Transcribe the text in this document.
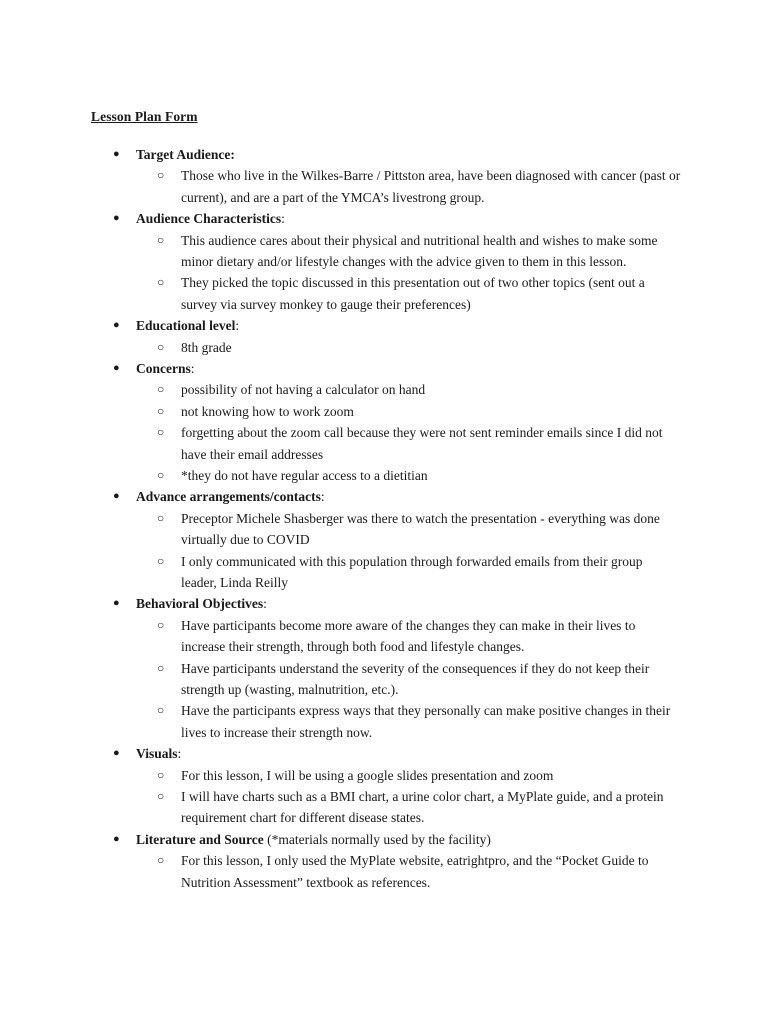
Lesson Plan Form
● Target Audience:
○ Those who live in the Wilkes-Barre / Pittston area, have been diagnosed with cancer (past or current), and are a part of the YMCA’s livestrong group.
● Audience Characteristics:
○ This audience cares about their physical and nutritional health and wishes to make some minor dietary and/or lifestyle changes with the advice given to them in this lesson.
○ They picked the topic discussed in this presentation out of two other topics (sent out a survey via survey monkey to gauge their preferences)
● Educational level:
○ 8th grade
● Concerns:
○ possibility of not having a calculator on hand
○ not knowing how to work zoom
○ forgetting about the zoom call because they were not sent reminder emails since I did not have their email addresses
○ *they do not have regular access to a dietitian
● Advance arrangements/contacts:
○ Preceptor Michele Shasberger was there to watch the presentation - everything was done virtually due to COVID
○ I only communicated with this population through forwarded emails from their group leader, Linda Reilly
● Behavioral Objectives:
○ Have participants become more aware of the changes they can make in their lives to increase their strength, through both food and lifestyle changes.
○ Have participants understand the severity of the consequences if they do not keep their strength up (wasting, malnutrition, etc.).
○ Have the participants express ways that they personally can make positive changes in their lives to increase their strength now.
● Visuals:
○ For this lesson, I will be using a google slides presentation and zoom
○ I will have charts such as a BMI chart, a urine color chart, a MyPlate guide, and a protein requirement chart for different disease states.
● Literature and Source (*materials normally used by the facility)
○ For this lesson, I only used the MyPlate website, eatrightpro, and the “Pocket Guide to Nutrition Assessment” textbook as references.
